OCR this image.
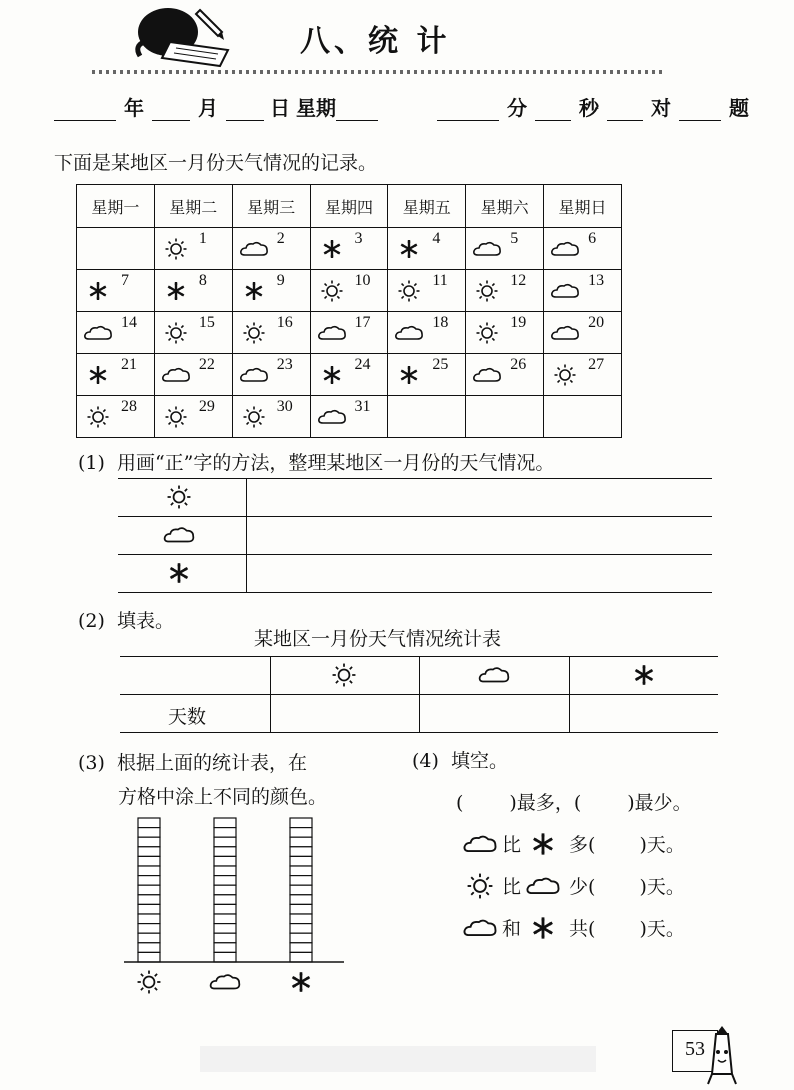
八、统 计
年	月	日 星期	分	秒	对	题
下面是某地区一月份天气情况的记录。
星期一	星期二	星期三	星期四	星期五	星期六	星期日

	1	2	3	4	5	6

7	8	9	10	11	12	13

14	15	16	17	18	19	20

21	22	23	24	25	26	27

28	29	30	31			

(1) 用画“正”字的方法，整理某地区一月份的天气情况。
(2) 填表。
某地区一月份天气情况统计表
天数
(3) 根据上面的统计表，在
方格中涂上不同的颜色。
(4) 填空。
( )最多，( )最少。
比	多( )天。
比	少( )天。
和	共( )天。
53
